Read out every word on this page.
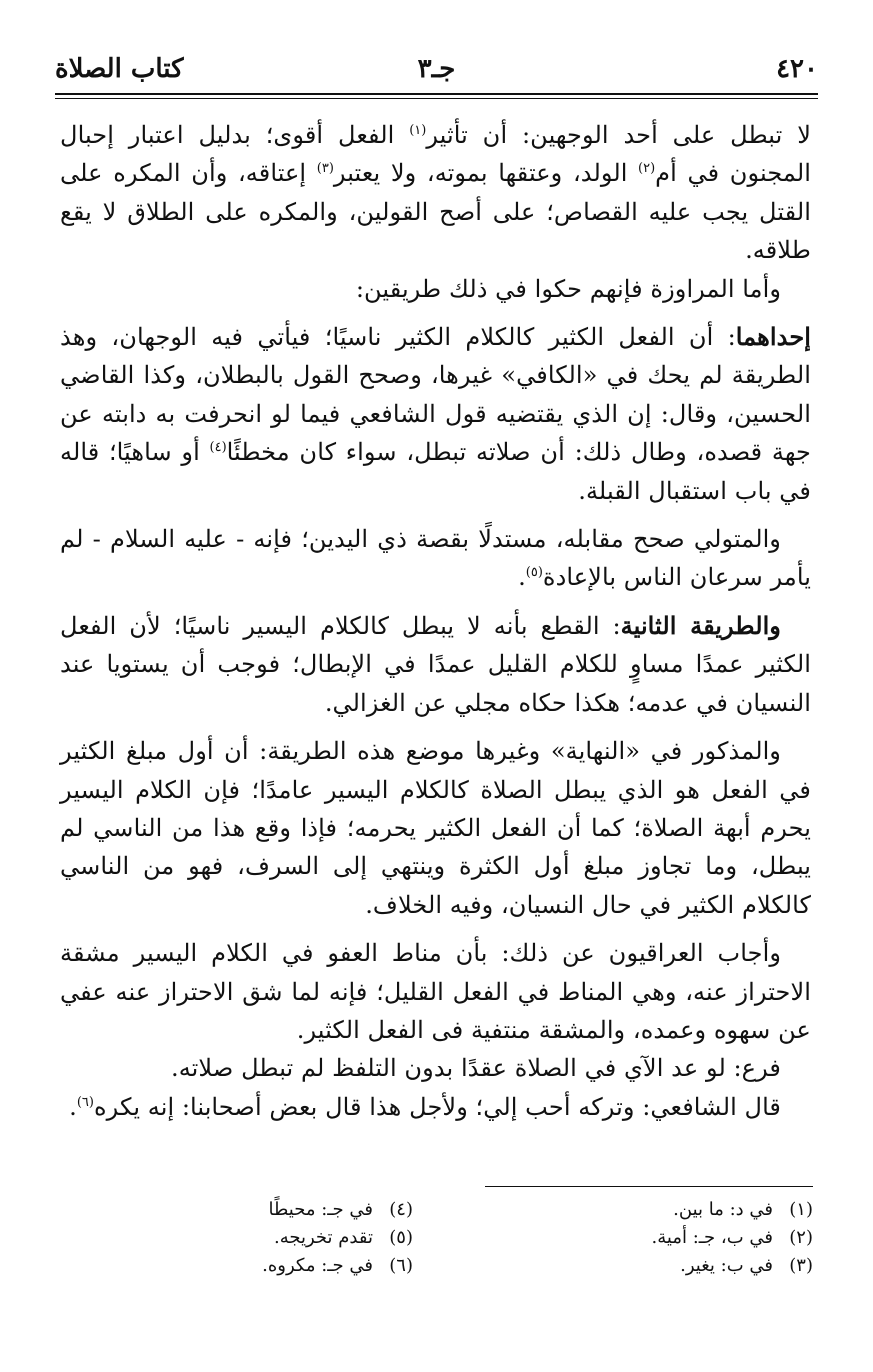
٤٢٠
جـ٣
كتاب الصلاة

لا تبطل على أحد الوجهين: أن تأثير$^{(١)}$ الفعل أقوى؛ بدليل اعتبار إحبال المجنون في أم$^{(٢)}$ الولد، وعتقها بموته، ولا يعتبر$^{(٣)}$ إعتاقه، وأن المكره على القتل يجب عليه القصاص؛ على أصح القولين، والمكره على الطلاق لا يقع طلاقه.

وأما المراوزة فإنهم حكوا في ذلك طريقين:

إحداهما: أن الفعل الكثير كالكلام الكثير ناسيًا؛ فيأتي فيه الوجهان، وهذ الطريقة لم يحك في «الكافي» غيرها، وصحح القول بالبطلان، وكذا القاضي الحسين، وقال: إن الذي يقتضيه قول الشافعي فيما لو انحرفت به دابته عن جهة قصده، وطال ذلك: أن صلاته تبطل، سواء كان مخطئًا$^{(٤)}$ أو ساهيًا؛ قاله في باب استقبال القبلة.

والمتولي صحح مقابله، مستدلًا بقصة ذي اليدين؛ فإنه - عليه السلام - لم يأمر سرعان الناس بالإعادة$^{(٥)}$.

والطريقة الثانية: القطع بأنه لا يبطل كالكلام اليسير ناسيًا؛ لأن الفعل الكثير عمدًا مساوٍ للكلام القليل عمدًا في الإبطال؛ فوجب أن يستويا عند النسيان في عدمه؛ هكذا حكاه مجلي عن الغزالي.

والمذكور في «النهاية» وغيرها موضع هذه الطريقة: أن أول مبلغ الكثير في الفعل هو الذي يبطل الصلاة كالكلام اليسير عامدًا؛ فإن الكلام اليسير يحرم أبهة الصلاة؛ كما أن الفعل الكثير يحرمه؛ فإذا وقع هذا من الناسي لم يبطل، وما تجاوز مبلغ أول الكثرة وينتهي إلى السرف، فهو من الناسي كالكلام الكثير في حال النسيان، وفيه الخلاف.

وأجاب العراقيون عن ذلك: بأن مناط العفو في الكلام اليسير مشقة الاحتراز عنه، وهي المناط في الفعل القليل؛ فإنه لما شق الاحتراز عنه عفي عن سهوه وعمده، والمشقة منتفية فى الفعل الكثير.

فرع: لو عد الآي في الصلاة عقدًا بدون التلفظ لم تبطل صلاته.

قال الشافعي: وتركه أحب إلي؛ ولأجل هذا قال بعض أصحابنا: إنه يكره$^{(٦)}$.

(١)في د: ما بين.
(٢)في ب، جـ: أمية.
(٣)في ب: يغير.
(٤)في جـ: محيطًا
(٥)تقدم تخريجه.
(٦)في جـ: مكروه.
